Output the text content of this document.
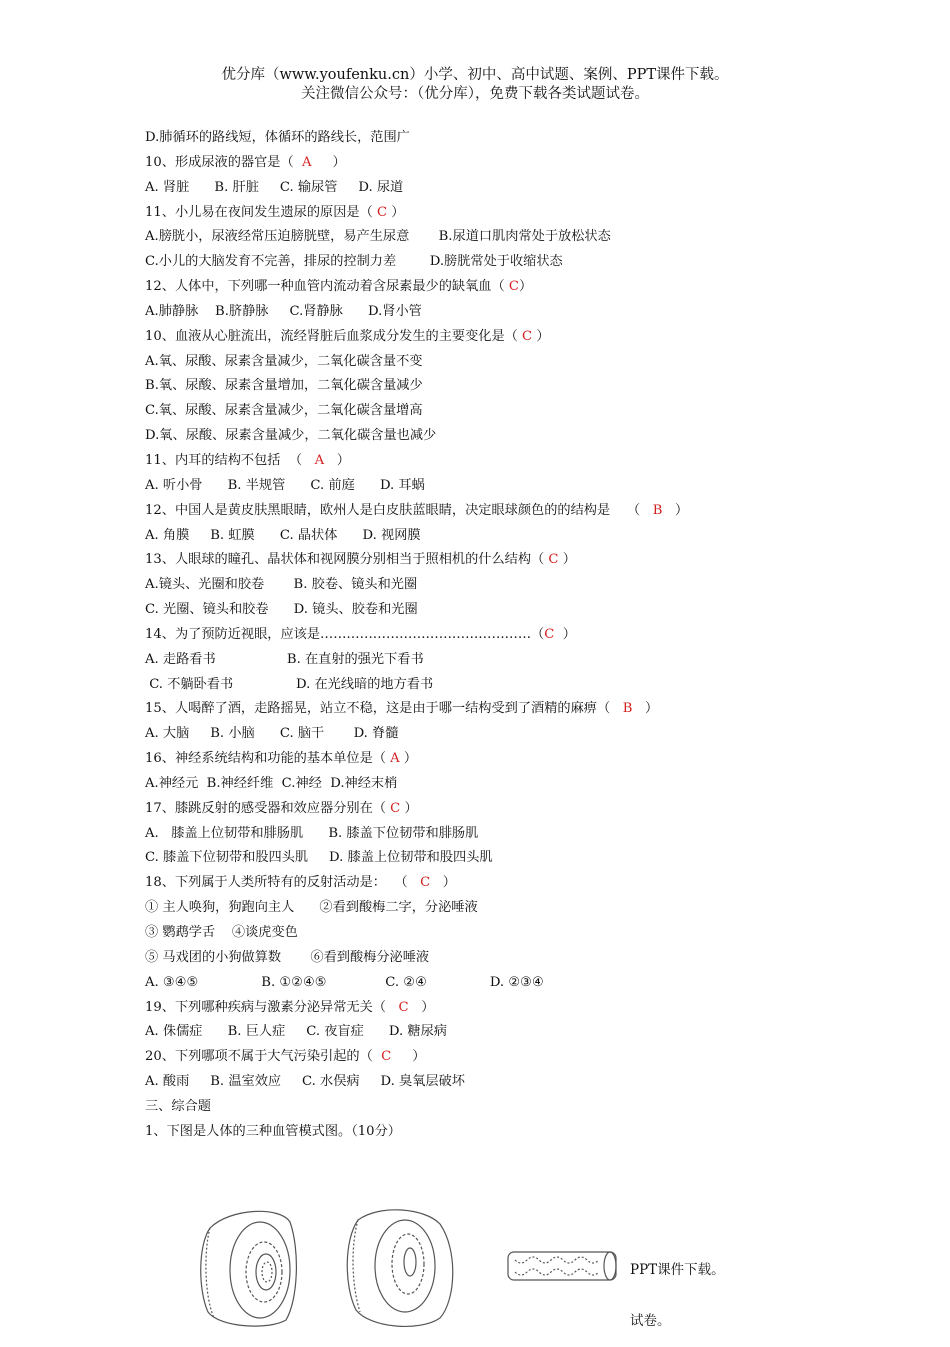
优分库（www.youfenku.cn）小学、初中、高中试题、案例、PPT课件下载。
关注微信公众号：（优分库），免费下载各类试题试卷。
D.肺循环的路线短，体循环的路线长，范围广
10、形成尿液的器官是（  A     ）
A. 肾脏      B. 肝脏     C. 输尿管     D. 尿道
11、小儿易在夜间发生遗尿的原因是（ C ）
A.膀胱小，尿液经常压迫膀胱壁，易产生尿意       B.尿道口肌肉常处于放松状态
C.小儿的大脑发育不完善，排尿的控制力差        D.膀胱常处于收缩状态
12、人体中，下列哪一种血管内流动着含尿素最少的缺氧血（ C）
A.肺静脉    B.脐静脉     C.肾静脉      D.肾小管
10、血液从心脏流出，流经肾脏后血浆成分发生的主要变化是（ C ）
A.氧、尿酸、尿素含量减少，二氧化碳含量不变
B.氧、尿酸、尿素含量增加，二氧化碳含量减少
C.氧、尿酸、尿素含量减少，二氧化碳含量增高
D.氧、尿酸、尿素含量减少，二氧化碳含量也减少
11、内耳的结构不包括  （   A   ）
A. 听小骨      B. 半规管      C. 前庭      D. 耳蜗
12、中国人是黄皮肤黑眼睛，欧州人是白皮肤蓝眼睛，决定眼球颜色的的结构是    （   B   ）
A. 角膜     B. 虹膜      C. 晶状体      D. 视网膜
13、人眼球的瞳孔、晶状体和视网膜分别相当于照相机的什么结构（ C ）
A.镜头、光圈和胶卷       B. 胶卷、镜头和光圈
C. 光圈、镜头和胶卷      D. 镜头、胶卷和光圈
14、为了预防近视眼，应该是…………………………………………（C  ）
A. 走路看书                 B. 在直射的强光下看书
C. 不躺卧看书               D. 在光线暗的地方看书
15、人喝醉了酒，走路摇晃，站立不稳，这是由于哪一结构受到了酒精的麻痹（   B   ）
A. 大脑     B. 小脑      C. 脑干       D. 脊髓
16、神经系统结构和功能的基本单位是（ A ）
A.神经元  B.神经纤维  C.神经  D.神经末梢
17、膝跳反射的感受器和效应器分别在（ C ）
A.   膝盖上位韧带和腓肠肌      B. 膝盖下位韧带和腓肠肌
C. 膝盖下位韧带和股四头肌     D. 膝盖上位韧带和股四头肌
18、下列属于人类所特有的反射活动是：  （   C   ）
① 主人唤狗，狗跑向主人      ②看到酸梅二字，分泌唾液
③ 鹦鹉学舌    ④谈虎变色
⑤ 马戏团的小狗做算数       ⑥看到酸梅分泌唾液
A. ③④⑤               B. ①②④⑤              C. ②④               D. ②③④
19、下列哪种疾病与激素分泌异常无关（   C   ）
A. 侏儒症      B. 巨人症     C. 夜盲症      D. 糖尿病
20、下列哪项不属于大气污染引起的（  C     ）
A. 酸雨     B. 温室效应     C. 水俣病     D. 臭氧层破坏
三、综合题
1、下图是人体的三种血管模式图。（10分）

PPT课件下载。

试卷。
